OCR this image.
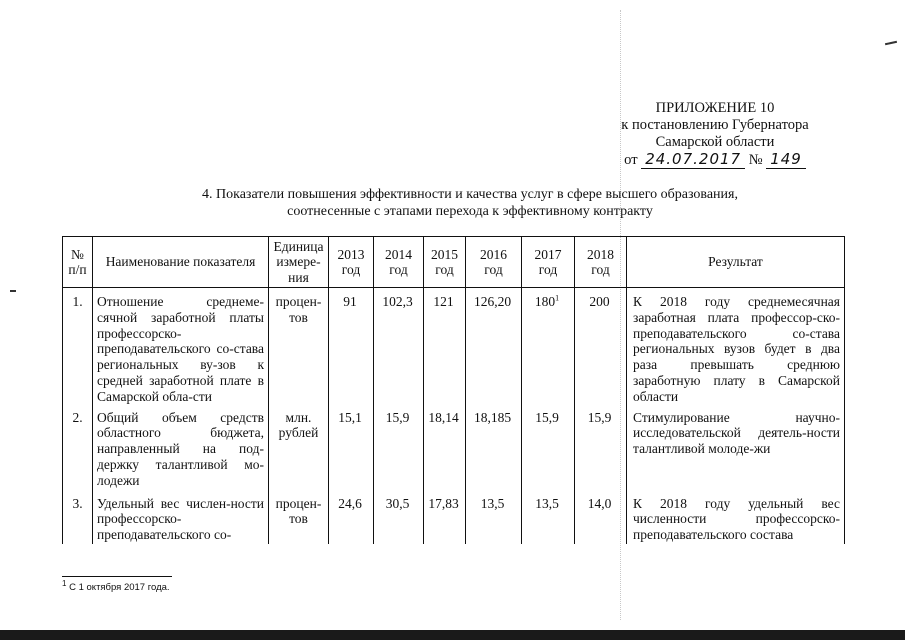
ПРИЛОЖЕНИЕ 10
к постановлению Губернатора
Самарской области
от 24.07.2017 № 149
4. Показатели повышения эффективности и качества услуг в сфере высшего образования,
соотнесенные с этапами перехода к эффективному контракту
№ п/п	Наименование показателя	Единица измере-ния	2013 год	2014 год	2015 год	2016 год	2017 год	2018 год	Результат
1.	Отношение среднеме-сячной заработной платы профессорско-преподавательского со-става региональных ву-зов к средней заработной плате в Самарской обла-сти	процен-тов	91	102,3	121	126,20	$180^1$	200	К 2018 году среднемесячная заработная плата профессор-ско-преподавательского со-става региональных вузов будет в два раза превышать среднюю заработную плату в Самарской области
2.	Общий объем средств областного бюджета, направленный на под-держку талантливой мо-лодежи	млн. рублей	15,1	15,9	18,14	18,185	15,9	15,9	Стимулирование научно-исследовательской деятель-ности талантливой молоде-жи
3.	Удельный вес числен-ности профессорско-преподавательского со-	процен-тов	24,6	30,5	17,83	13,5	13,5	14,0	К 2018 году удельный вес численности профессорско-преподавательского состава
$^1$ С 1 октября 2017 года.
